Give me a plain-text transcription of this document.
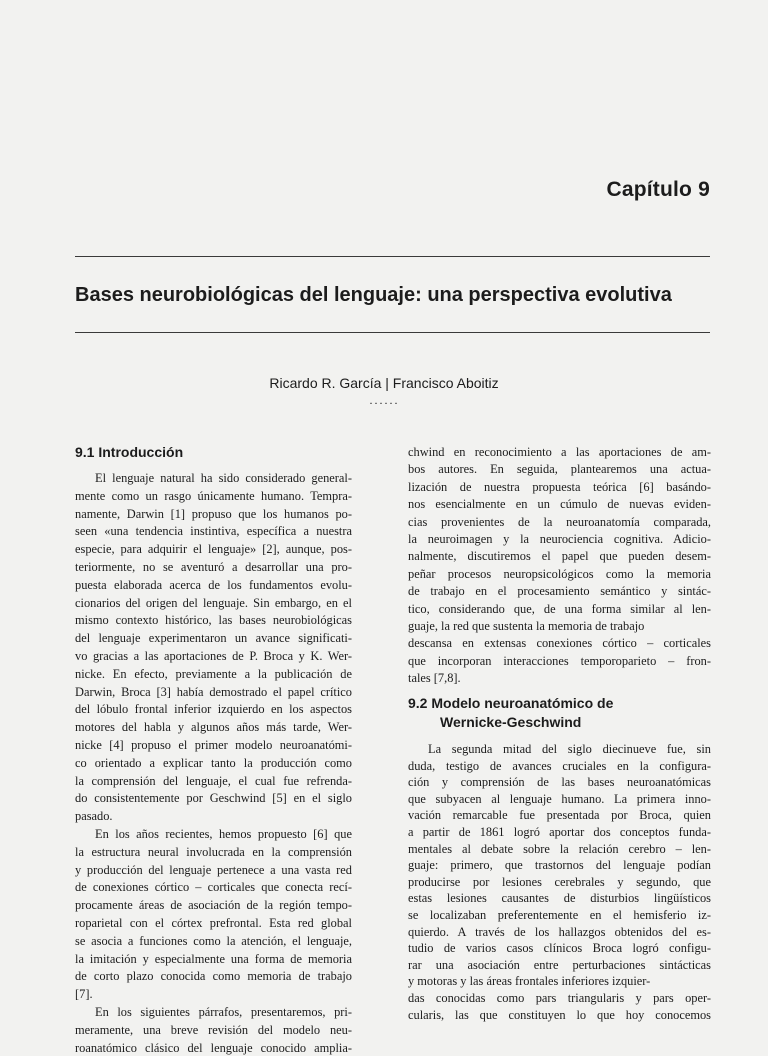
Capítulo 9
Bases neurobiológicas del lenguaje: una perspectiva evolutiva
Ricardo R. García | Francisco Aboitiz
······
9.1 Introducción
El lenguaje natural ha sido considerado general-
mente como un rasgo únicamente humano. Tempra-
namente, Darwin [1] propuso que los humanos po-
seen «una tendencia instintiva, específica a nuestra
especie, para adquirir el lenguaje» [2], aunque, pos-
teriormente, no se aventuró a desarrollar una pro-
puesta elaborada acerca de los fundamentos evolu-
cionarios del origen del lenguaje. Sin embargo, en el
mismo contexto histórico, las bases neurobiológicas
del lenguaje experimentaron un avance significati-
vo gracias a las aportaciones de P. Broca y K. Wer-
nicke. En efecto, previamente a la publicación de
Darwin, Broca [3] había demostrado el papel crítico
del lóbulo frontal inferior izquierdo en los aspectos
motores del habla y algunos años más tarde, Wer-
nicke [4] propuso el primer modelo neuroanatómi-
co orientado a explicar tanto la producción como
la comprensión del lenguaje, el cual fue refrenda-
do consistentemente por Geschwind [5] en el siglo
pasado.
En los años recientes, hemos propuesto [6] que
la estructura neural involucrada en la comprensión
y producción del lenguaje pertenece a una vasta red
de conexiones córtico – corticales que conecta recí-
procamente áreas de asociación de la región tempo-
roparietal con el córtex prefrontal. Esta red global
se asocia a funciones como la atención, el lenguaje,
la imitación y especialmente una forma de memoria
de corto plazo conocida como memoria de trabajo
[7].
En los siguientes párrafos, presentaremos, pri-
meramente, una breve revisión del modelo neu-
roanatómico clásico del lenguaje conocido amplia-
chwind en reconocimiento a las aportaciones de am-
bos autores. En seguida, plantearemos una actua-
lización de nuestra propuesta teórica [6] basándo-
nos esencialmente en un cúmulo de nuevas eviden-
cias provenientes de la neuroanatomía comparada,
la neuroimagen y la neurociencia cognitiva. Adicio-
nalmente, discutiremos el papel que pueden desem-
peñar procesos neuropsicológicos como la memoria
de trabajo en el procesamiento semántico y sintác-
tico, considerando que, de una forma similar al len-
guaje, la red que sustenta la memoria de trabajo
descansa en extensas conexiones córtico – corticales
que incorporan interacciones temporoparieto – fron-
tales [7,8].
9.2 Modelo neuroanatómico de
Wernicke-Geschwind
La segunda mitad del siglo diecinueve fue, sin
duda, testigo de avances cruciales en la configura-
ción y comprensión de las bases neuroanatómicas
que subyacen al lenguaje humano. La primera inno-
vación remarcable fue presentada por Broca, quien
a partir de 1861 logró aportar dos conceptos funda-
mentales al debate sobre la relación cerebro – len-
guaje: primero, que trastornos del lenguaje podían
producirse por lesiones cerebrales y segundo, que
estas lesiones causantes de disturbios lingüísticos
se localizaban preferentemente en el hemisferio iz-
quierdo. A través de los hallazgos obtenidos del es-
tudio de varios casos clínicos Broca logró configu-
rar una asociación entre perturbaciones sintácticas
y motoras y las áreas frontales inferiores izquier-
das conocidas como pars triangularis y pars oper-
cularis, las que constituyen lo que hoy conocemos
